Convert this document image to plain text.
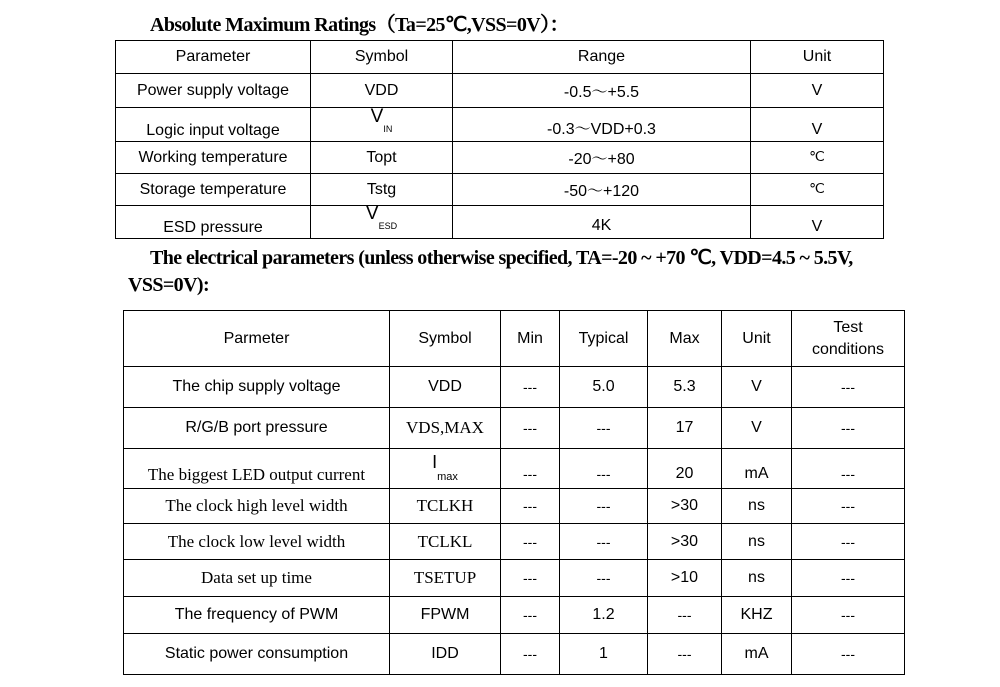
Absolute Maximum Ratings（Ta=25℃,VSS=0V）：
Parameter	Symbol	Range	Unit
Power supply voltage	VDD	-0.5～+5.5	V
Logic input voltage	VIN	-0.3～VDD+0.3	V
Working temperature	Topt	-20～+80	℃
Storage temperature	Tstg	-50～+120	℃
ESD pressure	VESD	4K	V
The electrical parameters (unless otherwise specified, TA=-20 ~ +70 ℃, VDD=4.5 ~ 5.5V,
VSS=0V):
Parmeter	Symbol	Min	Typical	Max	Unit	Test conditions
The chip supply voltage	VDD	---	5.0	5.3	V	---
R/G/B port pressure	VDS,MAX	---	---	17	V	---
The biggest LED output current	$I_{max}$	---	---	20	mA	---
The clock high level width	TCLKH	---	---	>30	ns	---
The clock low level width	TCLKL	---	---	>30	ns	---
Data set up time	TSETUP	---	---	>10	ns	---
The frequency of PWM	FPWM	---	1.2	---	KHZ	---
Static power consumption	IDD	---	1	---	mA	---
